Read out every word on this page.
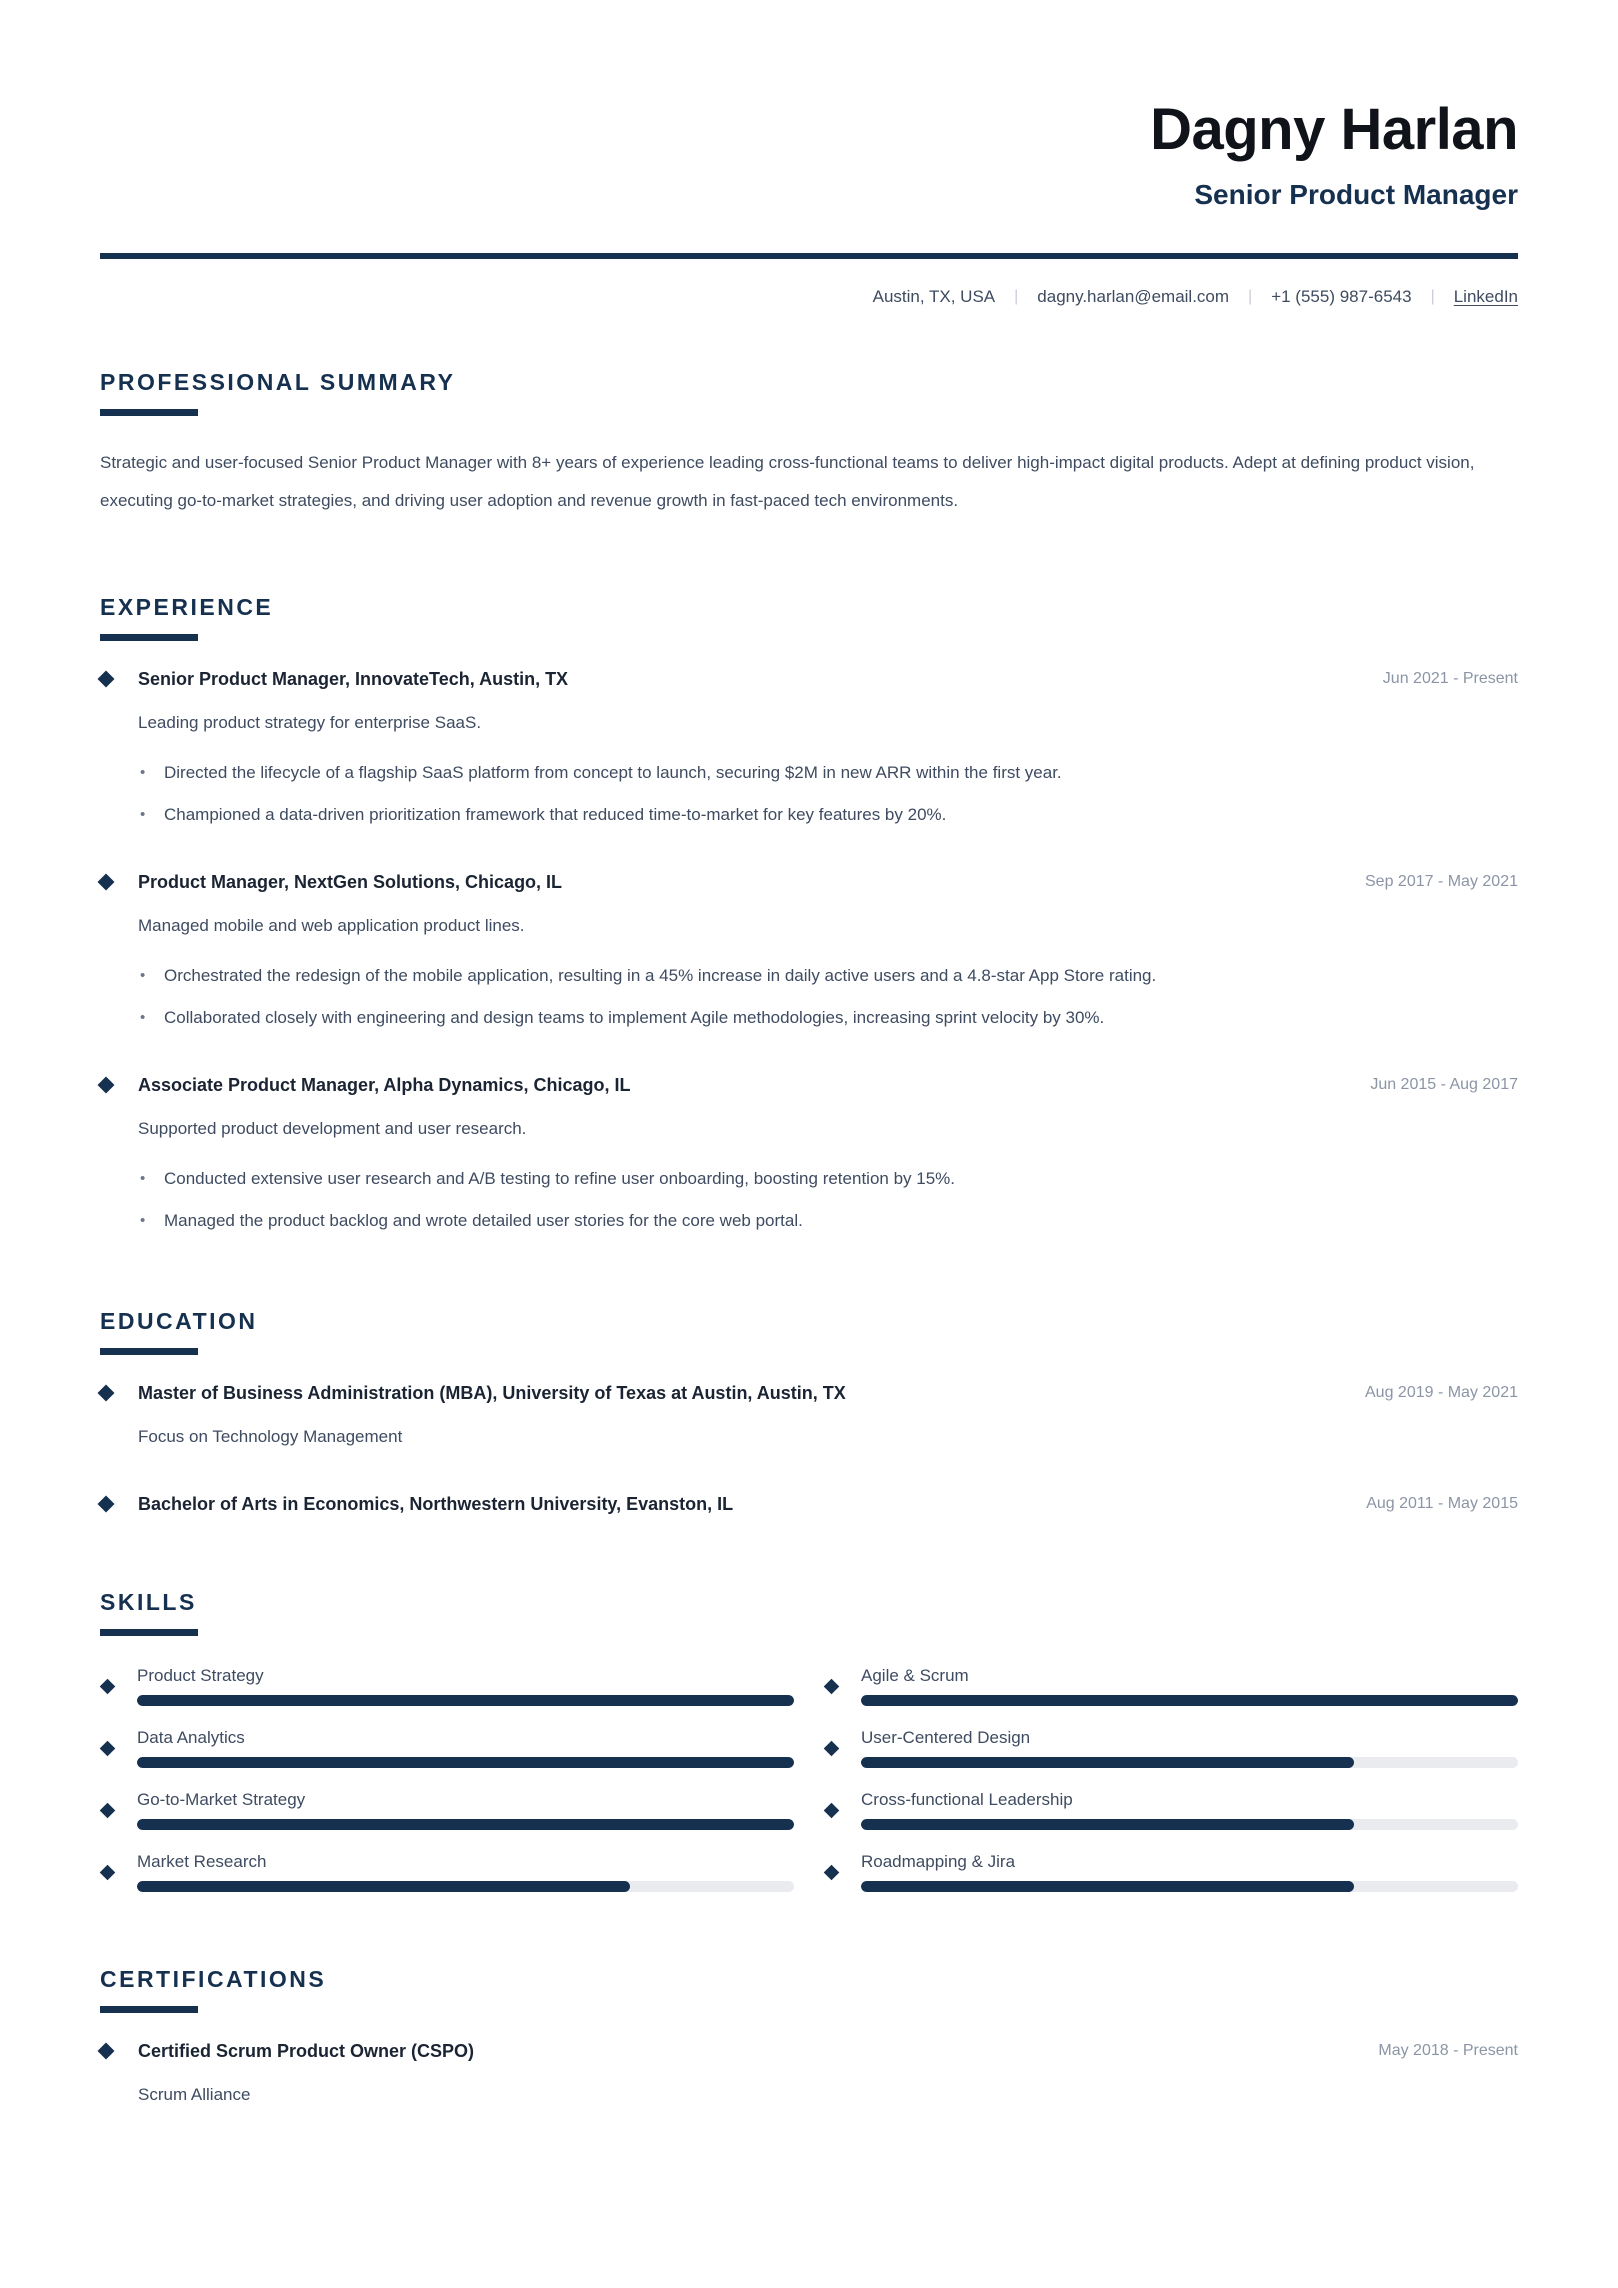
Dagny Harlan
Senior Product Manager
Austin, TX, USA | dagny.harlan@email.com | +1 (555) 987-6543 | LinkedIn
PROFESSIONAL SUMMARY

Strategic and user-focused Senior Product Manager with 8+ years of experience leading cross-functional teams to deliver high-impact digital products. Adept at defining product vision, executing go-to-market strategies, and driving user adoption and revenue growth in fast-paced tech environments.

EXPERIENCE
Senior Product Manager, InnovateTech, Austin, TX	Jun 2021 - Present

Leading product strategy for enterprise SaaS.

• Directed the lifecycle of a flagship SaaS platform from concept to launch, securing $2M in new ARR within the first year.
• Championed a data-driven prioritization framework that reduced time-to-market for key features by 20%.
Product Manager, NextGen Solutions, Chicago, IL	Sep 2017 - May 2021

Managed mobile and web application product lines.

• Orchestrated the redesign of the mobile application, resulting in a 45% increase in daily active users and a 4.8-star App Store rating.
• Collaborated closely with engineering and design teams to implement Agile methodologies, increasing sprint velocity by 30%.
Associate Product Manager, Alpha Dynamics, Chicago, IL	Jun 2015 - Aug 2017

Supported product development and user research.

• Conducted extensive user research and A/B testing to refine user onboarding, boosting retention by 15%.
• Managed the product backlog and wrote detailed user stories for the core web portal.
EDUCATION
Master of Business Administration (MBA), University of Texas at Austin, Austin, TX	Aug 2019 - May 2021

Focus on Technology Management

Bachelor of Arts in Economics, Northwestern University, Evanston, IL	Aug 2011 - May 2015
SKILLS
Product Strategy
Data Analytics
Go-to-Market Strategy
Market Research
Agile & Scrum
User-Centered Design
Cross-functional Leadership
Roadmapping & Jira
CERTIFICATIONS
Certified Scrum Product Owner (CSPO)	May 2018 - Present

Scrum Alliance
